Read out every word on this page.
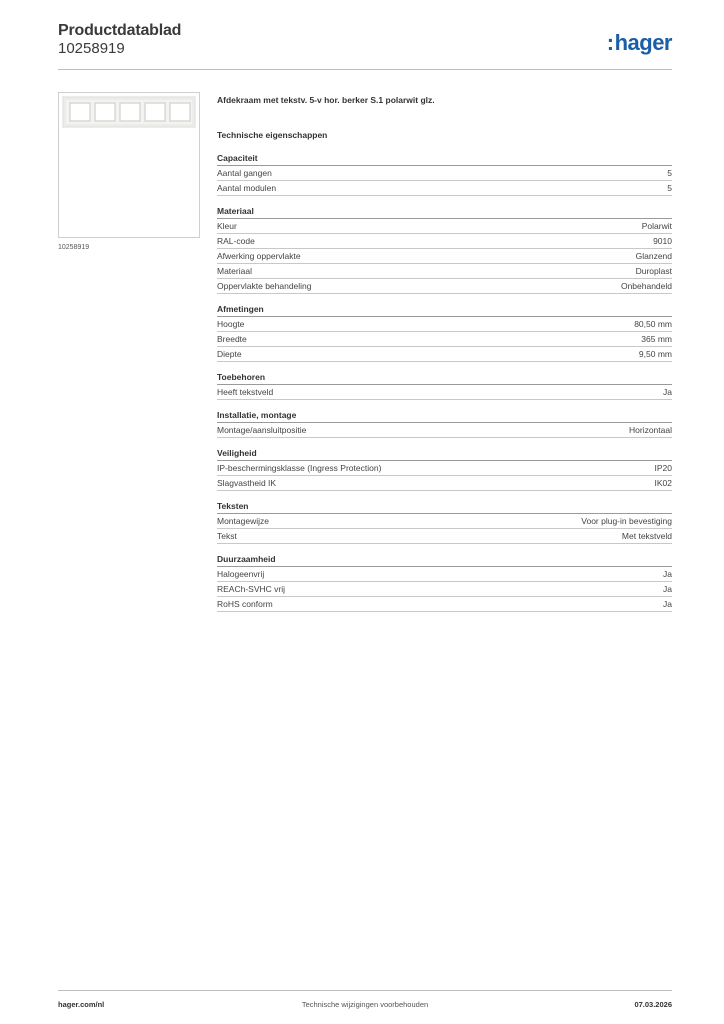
Productdatablad
10258919	:hager
10258919
Afdekraam met tekstv. 5-v hor. berker S.1 polarwit glz.
Technische eigenschappen
Capaciteit
Aantal gangen	5
Aantal modulen	5
Materiaal
Kleur	Polarwit
RAL-code	9010
Afwerking oppervlakte	Glanzend
Materiaal	Duroplast
Oppervlakte behandeling	Onbehandeld
Afmetingen
Hoogte	80,50 mm
Breedte	365 mm
Diepte	9,50 mm
Toebehoren
Heeft tekstveld	Ja
Installatie, montage
Montage/aansluitpositie	Horizontaal
Veiligheid
IP-beschermingsklasse (Ingress Protection)	IP20
Slagvastheid IK	IK02
Teksten
Montagewijze	Voor plug-in bevestiging
Tekst	Met tekstveld
Duurzaamheid
Halogeenvrij	Ja
REACh-SVHC vrij	Ja
RoHS conform	Ja
hager.com/nl	Technische wijzigingen voorbehouden	07.03.2026
